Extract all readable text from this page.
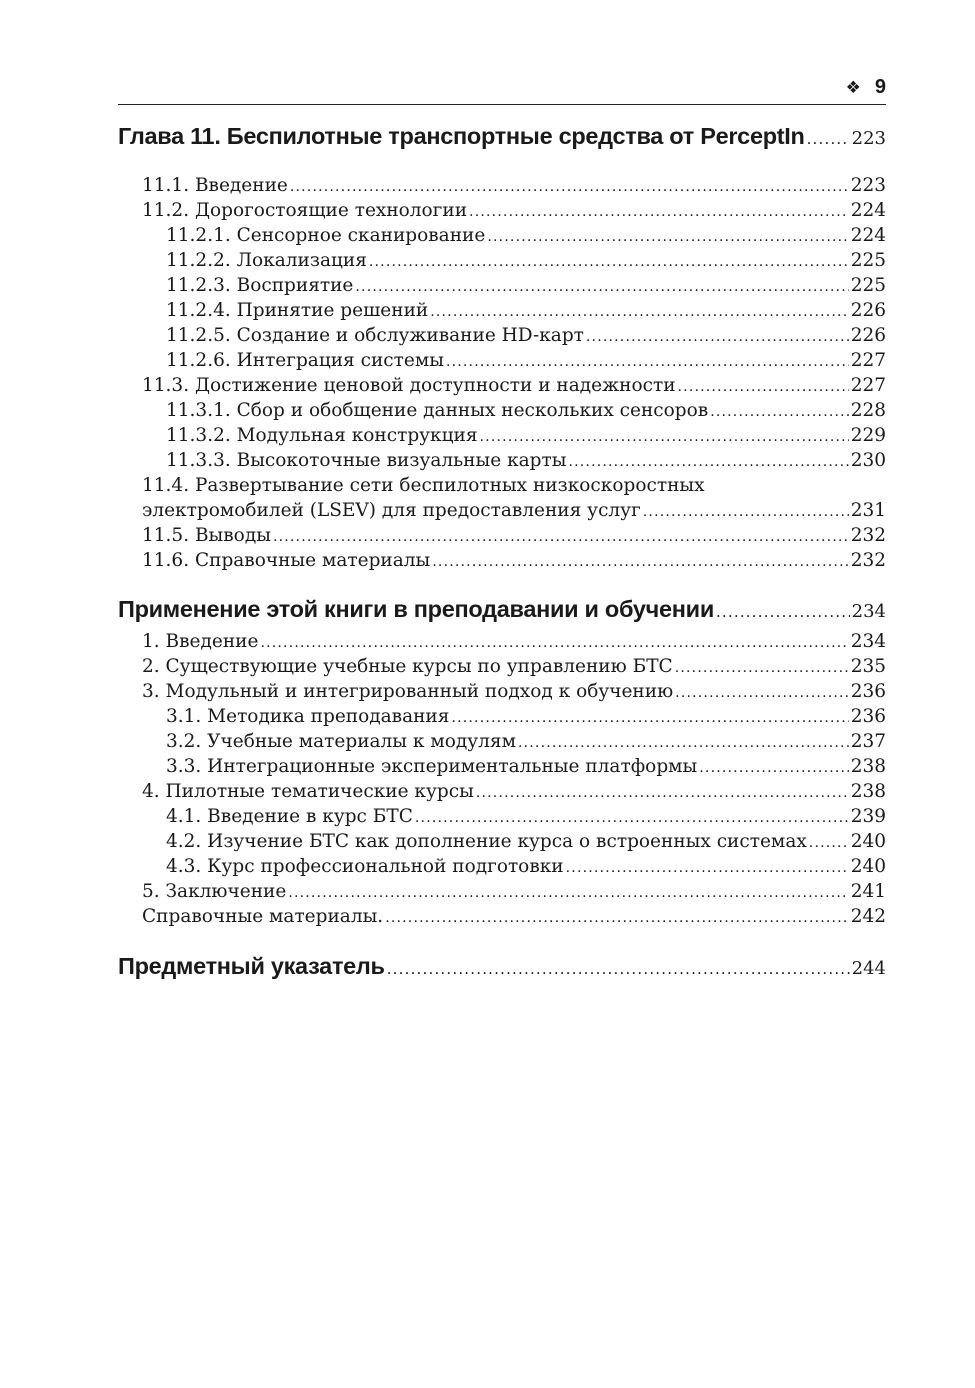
❖ 9
Глава 11. Беспилотные транспортные средства от PerceptIn .....	223
11.1. Введение .....	223
11.2. Дорогостоящие технологии .....	224
11.2.1. Сенсорное сканирование .....	224
11.2.2. Локализация .....	225
11.2.3. Восприятие .....	225
11.2.4. Принятие решений .....	226
11.2.5. Создание и обслуживание HD-карт .....	226
11.2.6. Интеграция системы .....	227
11.3. Достижение ценовой доступности и надежности .....	227
11.3.1. Сбор и обобщение данных нескольких сенсоров .....	228
11.3.2. Модульная конструкция .....	229
11.3.3. Высокоточные визуальные карты .....	230
11.4. Развертывание сети беспилотных низкоскоростных
электромобилей (LSEV) для предоставления услуг .....	231
11.5. Выводы .....	232
11.6. Справочные материалы .....	232
Применение этой книги в преподавании и обучении .....	234
1. Введение .....	234
2. Существующие учебные курсы по управлению БТС .....	235
3. Модульный и интегрированный подход к обучению .....	236
3.1. Методика преподавания .....	236
3.2. Учебные материалы к модулям .....	237
3.3. Интеграционные экспериментальные платформы .....	238
4. Пилотные тематические курсы .....	238
4.1. Введение в курс БТС .....	239
4.2. Изучение БТС как дополнение курса о встроенных системах ..... 240
4.3. Курс профессиональной подготовки .....	240
5. Заключение .....	241
Справочные материалы. .....	242
Предметный указатель .....	244
